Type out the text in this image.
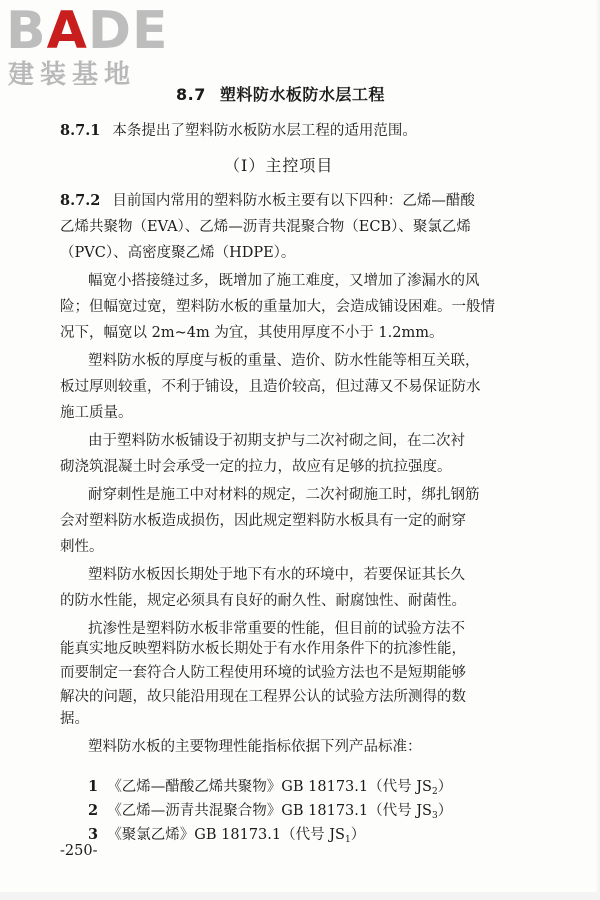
BADE
建装基地
8.7 塑料防水板防水层工程
8.7.1 本条提出了塑料防水板防水层工程的适用范围。
（Ⅰ）主控项目
8.7.2 目前国内常用的塑料防水板主要有以下四种：乙烯—醋酸
乙烯共聚物（EVA）、乙烯—沥青共混聚合物（ECB）、聚氯乙烯
（PVC）、高密度聚乙烯（HDPE）。
幅宽小搭接缝过多，既增加了施工难度，又增加了渗漏水的风
险；但幅宽过宽，塑料防水板的重量加大，会造成铺设困难。一般情
况下，幅宽以 2m~4m 为宜，其使用厚度不小于 1.2mm。
塑料防水板的厚度与板的重量、造价、防水性能等相互关联，
板过厚则较重，不利于铺设，且造价较高，但过薄又不易保证防水
施工质量。
由于塑料防水板铺设于初期支护与二次衬砌之间，在二次衬
砌浇筑混凝土时会承受一定的拉力，故应有足够的抗拉强度。
耐穿刺性是施工中对材料的规定，二次衬砌施工时，绑扎钢筋
会对塑料防水板造成损伤，因此规定塑料防水板具有一定的耐穿
刺性。
塑料防水板因长期处于地下有水的环境中，若要保证其长久
的防水性能，规定必须具有良好的耐久性、耐腐蚀性、耐菌性。
抗渗性是塑料防水板非常重要的性能，但目前的试验方法不
能真实地反映塑料防水板长期处于有水作用条件下的抗渗性能，
而要制定一套符合人防工程使用环境的试验方法也不是短期能够
解决的问题，故只能沿用现在工程界公认的试验方法所测得的数
据。
塑料防水板的主要物理性能指标依据下列产品标准：
1 《乙烯—醋酸乙烯共聚物》GB 18173.1（代号 $JS_2$）
2 《乙烯—沥青共混聚合物》GB 18173.1（代号 $JS_3$）
3 《聚氯乙烯》GB 18173.1（代号 $JS_1$）
-250-
